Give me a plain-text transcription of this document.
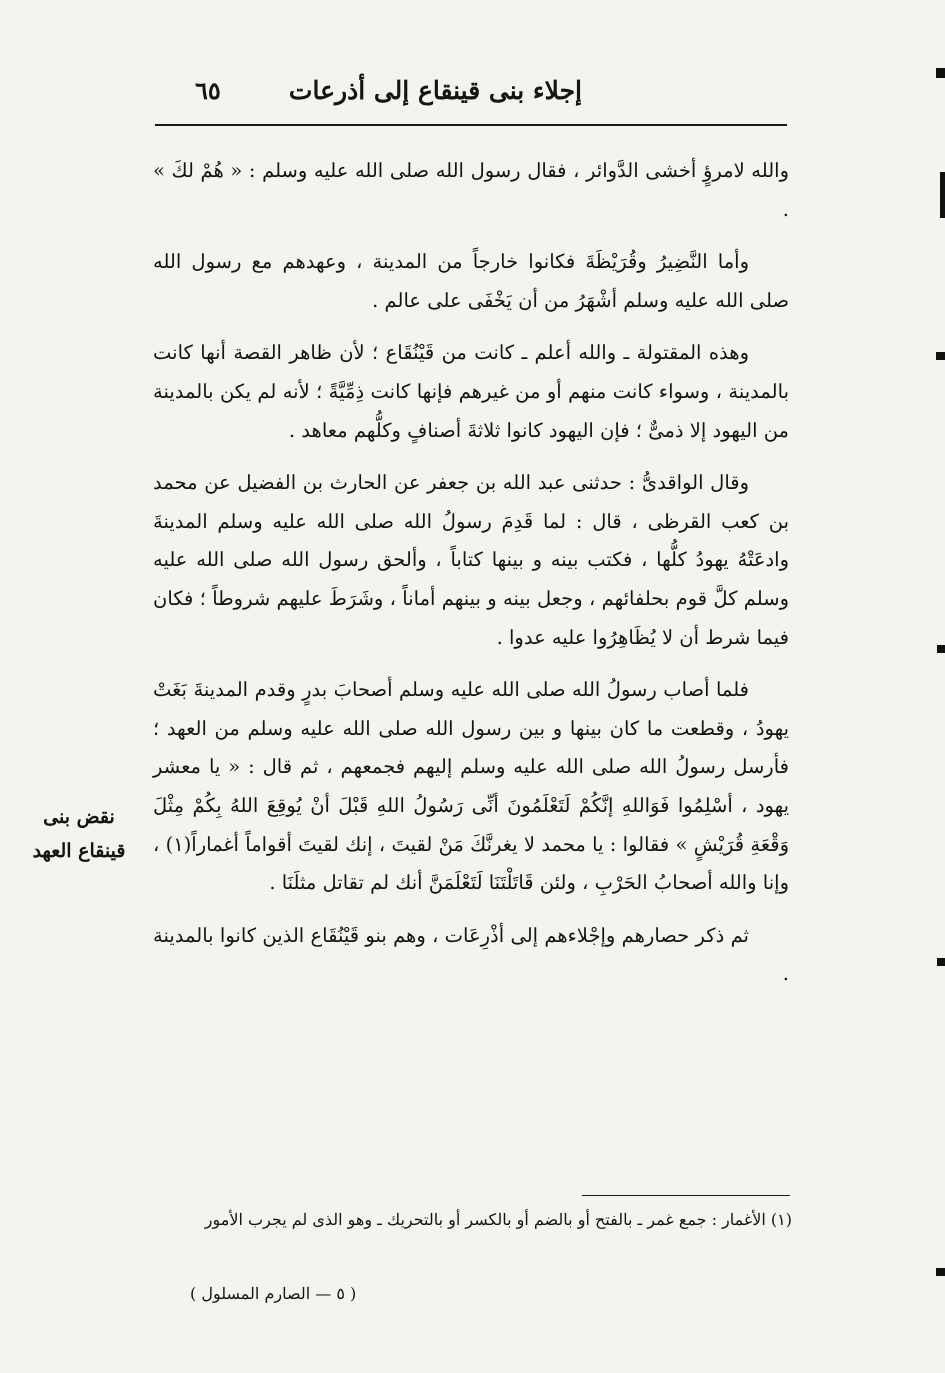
إجلاء بنى قينقاع إلى أذرعات
٦٥

والله لامرؤٍ أخشى الدَّوائر ، فقال رسول الله صلى الله عليه وسلم : « هُمْ لكَ » .

وأما النَّضِيرُ وقُرَيْظَةَ فكانوا خارجاً من المدينة ، وعهدهم مع رسول الله صلى الله عليه وسلم أشْهَرُ من أن يَخْفَى على عالم .

وهذه المقتولة ـ والله أعلم ـ كانت من قَيْنُقَاع ؛ لأن ظاهر القصة أنها كانت بالمدينة ، وسواء كانت منهم أو من غيرهم فإنها كانت ذِمِّيَّةً ؛ لأنه لم يكن بالمدينة من اليهود إلا ذمىٌّ ؛ فإن اليهود كانوا ثلاثةَ أصنافٍ وكلُّهم معاهد .

وقال الواقدىُّ : حدثنى عبد الله بن جعفر عن الحارث بن الفضيل عن محمد بن كعب القرظى ، قال : لما قَدِمَ رسولُ الله صلى الله عليه وسلم المدينةَ وادعَتْهُ يهودُ كلُّها ، فكتب بينه و بينها كتاباً ، وألحق رسول الله صلى الله عليه وسلم كلَّ قوم بحلفائهم ، وجعل بينه و بينهم أماناً ، وشَرَطَ عليهم شروطاً ؛ فكان فيما شرط أن لا يُظَاهِرُوا عليه عدوا .

فلما أصاب رسولُ الله صلى الله عليه وسلم أصحابَ بدرٍ وقدم المدينةَ بَغَتْ يهودُ ، وقطعت ما كان بينها و بين رسول الله صلى الله عليه وسلم من العهد ؛ فأرسل رسولُ الله صلى الله عليه وسلم إليهم فجمعهم ، ثم قال : « يا معشر يهود ، أسْلِمُوا فَوَاللهِ إنَّكُمْ لَتَعْلَمُونَ أنِّى رَسُولُ اللهِ قَبْلَ أنْ يُوقِعَ اللهُ بِكُمْ مِثْلَ وَقْعَةِ قُرَيْشٍ » فقالوا : يا محمد لا يغرنَّكَ مَنْ لقيتَ ، إنك لقيتَ أقواماً أغماراً(١) ، وإنا والله أصحابُ الحَرْبِ ، ولئن قَاتَلْتَنَا لَتَعْلَمَنَّ أنك لم تقاتل مثلَنَا .

ثم ذكر حصارهم وإجْلاءهم إلى أذْرِعَات ، وهم بنو قَيْنُقَاع الذين كانوا بالمدينة .

نقض بنى
قينقاع العهد
(١) الأغمار : جمع غمر ـ بالفتح أو بالضم أو بالكسر أو بالتحريك ـ وهو الذى لم يجرب الأمور
( ٥ — الصارم المسلول )
